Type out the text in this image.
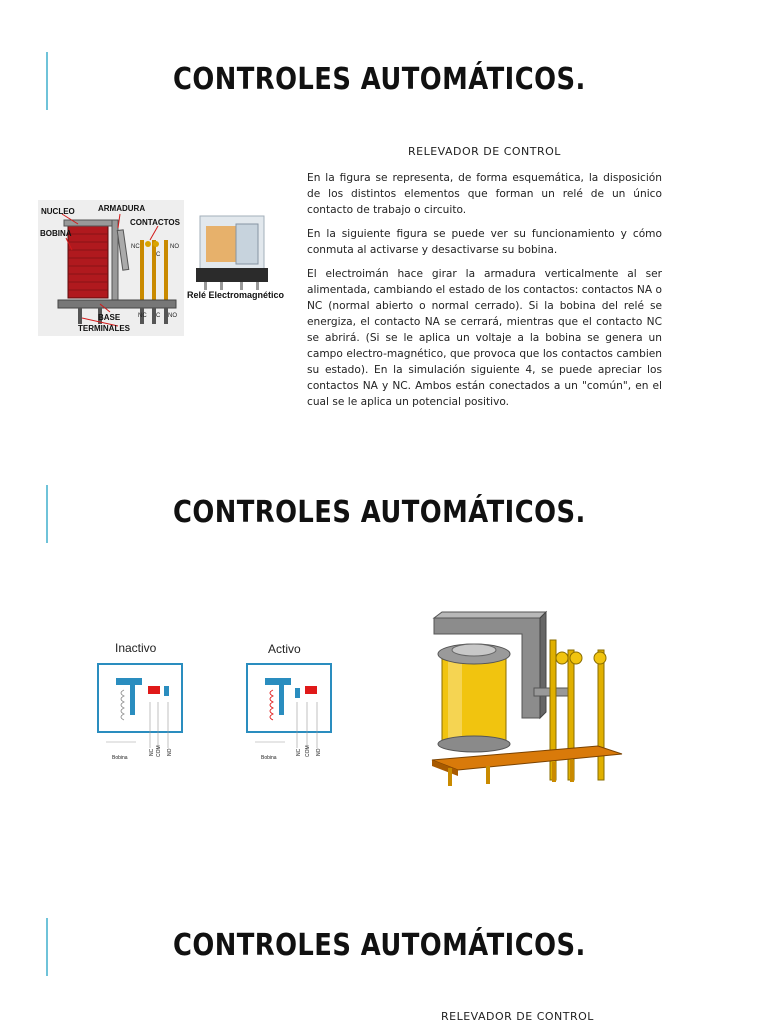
CONTROLES AUTOMÁTICOS.
RELEVADOR DE CONTROL

En la figura se representa, de forma esquemática, la disposición de los distintos elementos que forman un relé de un único contacto de trabajo o circuito.

En la siguiente figura se puede ver su funcionamiento y cómo conmuta al activarse y desactivarse su bobina.

El electroimán hace girar la armadura verticalmente al ser alimentada, cambiando el estado de los contactos: contactos NA o NC (normal abierto o normal cerrado). Si la bobina del relé se energiza, el contacto NA se cerrará, mientras que el contacto NC se abrirá. (Si se le aplica un voltaje a la bobina se genera un campo electro-magnético, que provoca que los contactos cambien su estado). En la simulación siguiente 4, se puede apreciar los contactos NA y NC. Ambos están conectados a un "común", en el cual se le aplica un potencial positivo.

NUCLEO	ARMADURA
CONTACTOS
BOBINA
BASE
TERMINALES
NC
C
NO
NC C NO
Relé Electromagnético
CONTROLES AUTOMÁTICOS.
Inactivo
Bobina
NC COM NO
Activo
Bobina
NC COM NO
CONTROLES AUTOMÁTICOS.
RELEVADOR DE CONTROL
